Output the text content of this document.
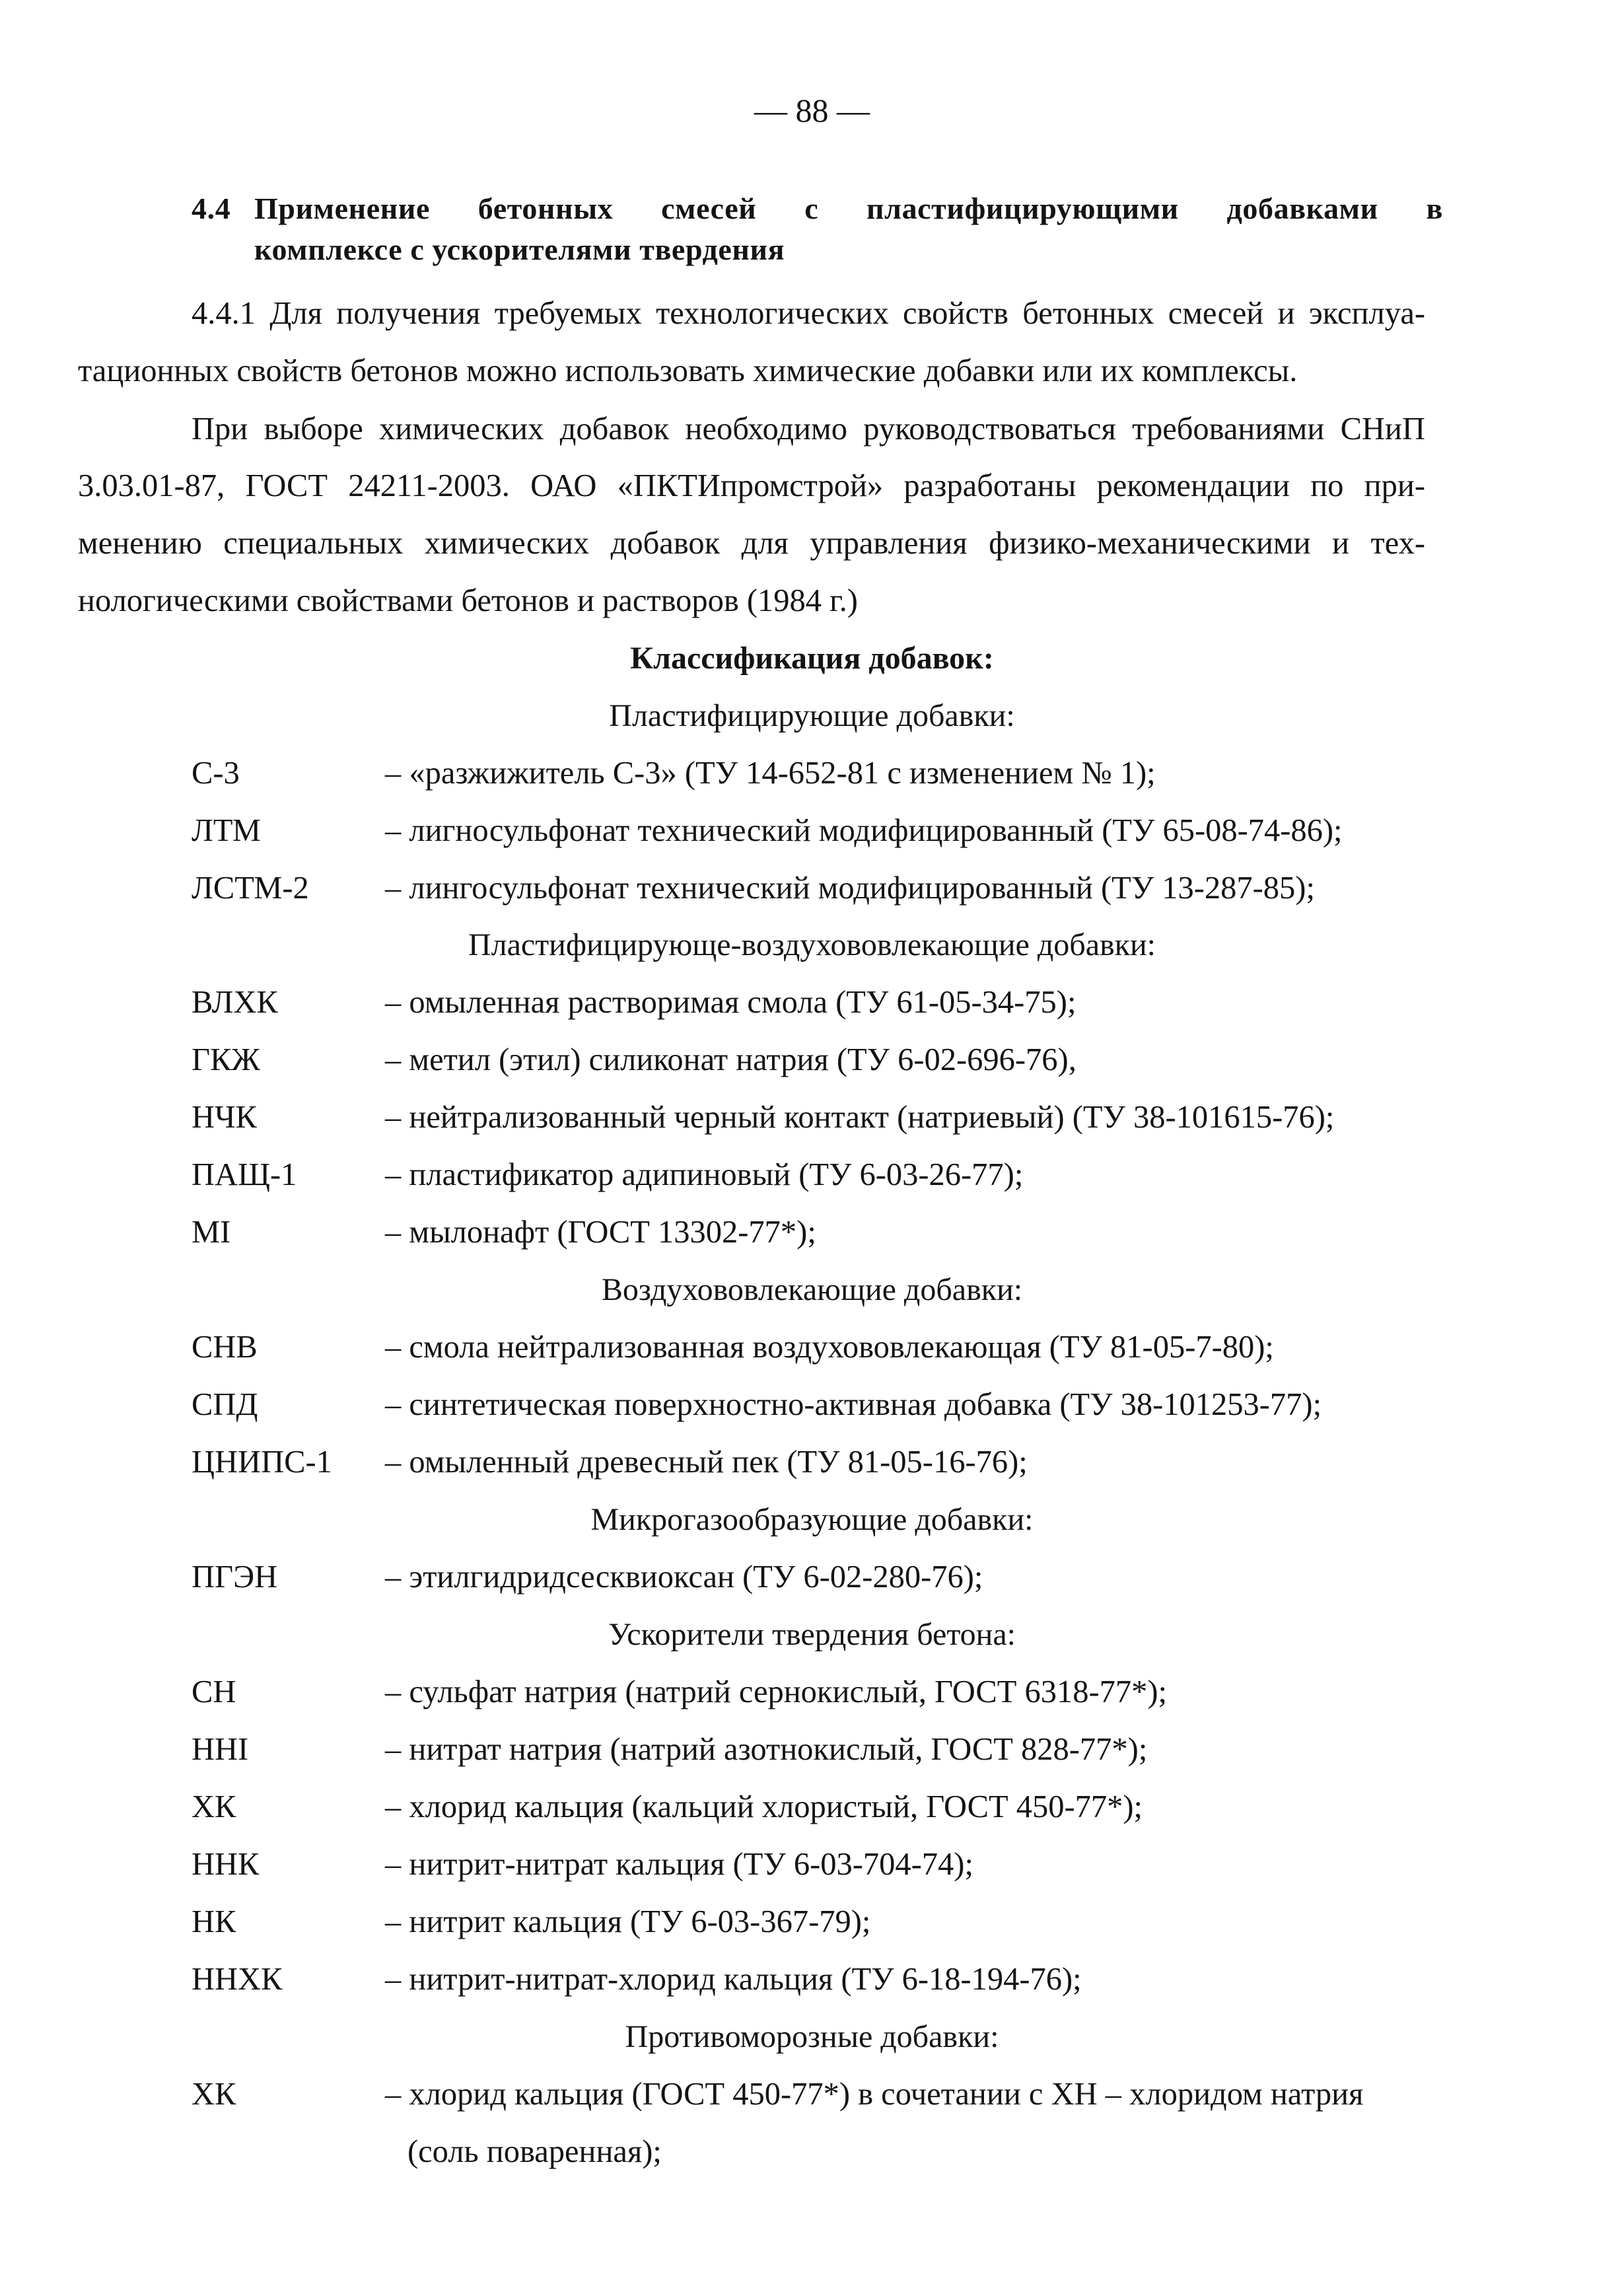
— 88 —
4.4 Применение бетонных смесей с пластифицирующими добавками в
комплексе с ускорителями твердения
4.4.1 Для получения требуемых технологических свойств бетонных смесей и эксплуа-
тационных свойств бетонов можно использовать химические добавки или их комплексы.
При выборе химических добавок необходимо руководствоваться требованиями СНиП
3.03.01-87, ГОСТ 24211-2003. ОАО «ПКТИпромстрой» разработаны рекомендации по при-
менению специальных химических добавок для управления физико-механическими и тех-
нологическими свойствами бетонов и растворов (1984 г.)
Классификация добавок:
Пластифицирующие добавки:
С-3	– «разжижитель С-3» (ТУ 14-652-81 с изменением № 1);
ЛТМ	– лигносульфонат технический модифицированный (ТУ 65-08-74-86);
ЛСТМ-2 – лингосульфонат технический модифицированный (ТУ 13-287-85);
Пластифицирующе-воздухововлекающие добавки:
ВЛХК	– омыленная растворимая смола (ТУ 61-05-34-75);
ГКЖ	– метил (этил) силиконат натрия (ТУ 6-02-696-76),
НЧК	– нейтрализованный черный контакт (натриевый) (ТУ 38-101615-76);
ПАЩ-1	– пластификатор адипиновый (ТУ 6-03-26-77);
MI	– мылонафт (ГОСТ 13302-77*);
Воздухововлекающие добавки:
СНВ	– смола нейтрализованная воздухововлекающая (ТУ 81-05-7-80);
СПД	– синтетическая поверхностно-активная добавка (ТУ 38-101253-77);
ЦНИПС-1 – омыленный древесный пек (ТУ 81-05-16-76);
Микрогазообразующие добавки:
ПГЭН	– этилгидридсесквиоксан (ТУ 6-02-280-76);
Ускорители твердения бетона:
СН	– сульфат натрия (натрий сернокислый, ГОСТ 6318-77*);
ННI	– нитрат натрия (натрий азотнокислый, ГОСТ 828-77*);
ХК	– хлорид кальция (кальций хлористый, ГОСТ 450-77*);
ННК	– нитрит-нитрат кальция (ТУ 6-03-704-74);
НК	– нитрит кальция (ТУ 6-03-367-79);
ННХК	– нитрит-нитрат-хлорид кальция (ТУ 6-18-194-76);
Противоморозные добавки:
ХК	– хлорид кальция (ГОСТ 450-77*) в сочетании с ХН – хлоридом натрия
(соль поваренная);
